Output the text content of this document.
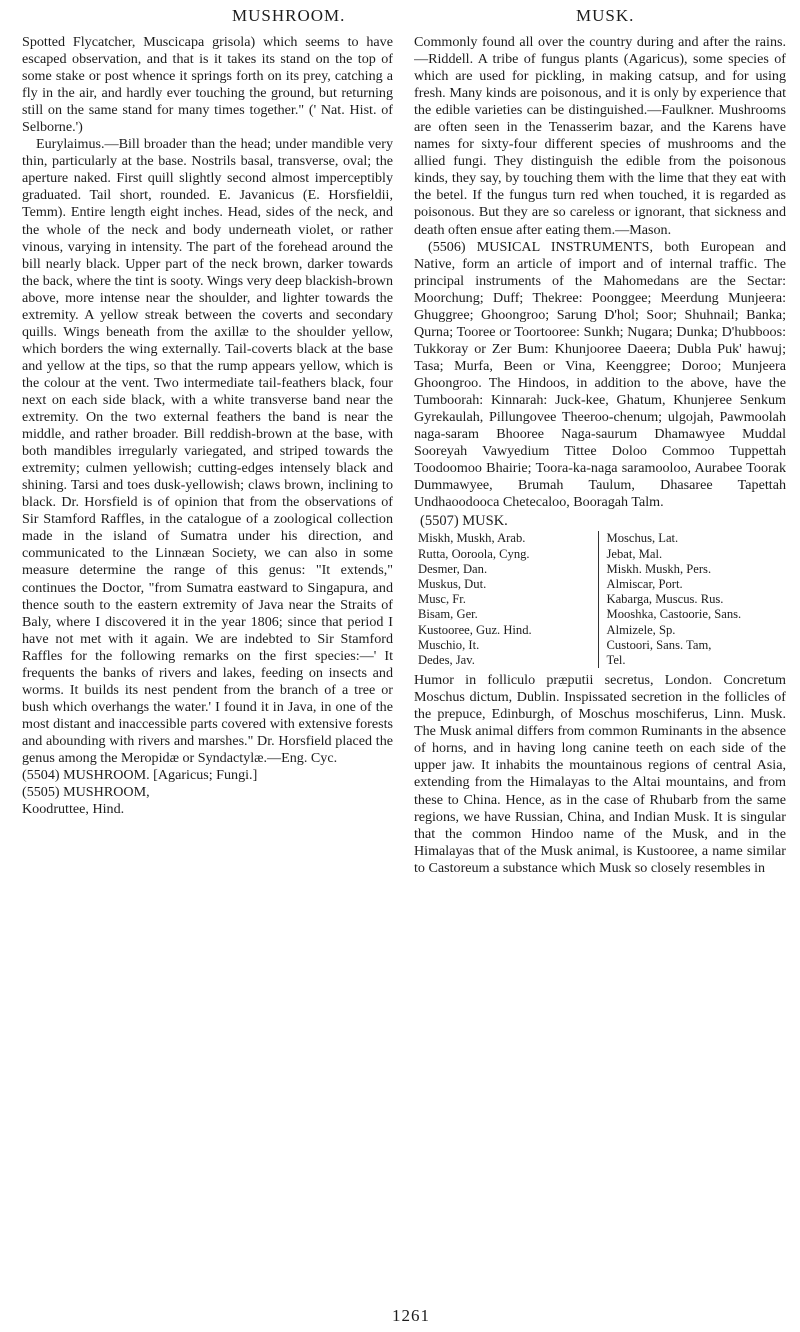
MUSHROOM.	MUSK.

Spotted Flycatcher, Muscicapa grisola) which seems to have escaped observation, and that is it takes its stand on the top of some stake or post whence it springs forth on its prey, catching a fly in the air, and hardly ever touching the ground, but returning still on the same stand for many times together." (' Nat. Hist. of Selborne.')

Eurylaimus.—Bill broader than the head; under mandible very thin, particularly at the base. Nostrils basal, transverse, oval; the aperture naked. First quill slightly second almost imperceptibly graduated. Tail short, rounded. E. Javanicus (E. Horsfieldii, Temm). Entire length eight inches. Head, sides of the neck, and the whole of the neck and body underneath violet, or rather vinous, varying in intensity. The part of the forehead around the bill nearly black. Upper part of the neck brown, darker towards the back, where the tint is sooty. Wings very deep blackish-brown above, more intense near the shoulder, and lighter towards the extremity. A yellow streak between the coverts and secondary quills. Wings beneath from the axillæ to the shoulder yellow, which borders the wing externally. Tail-coverts black at the base and yellow at the tips, so that the rump appears yellow, which is the colour at the vent. Two intermediate tail-feathers black, four next on each side black, with a white transverse band near the extremity. On the two external feathers the band is near the middle, and rather broader. Bill reddish-brown at the base, with both mandibles irregularly variegated, and striped towards the extremity; culmen yellowish; cutting-edges intensely black and shining. Tarsi and toes dusk-yellowish; claws brown, inclining to black. Dr. Horsfield is of opinion that from the observations of Sir Stamford Raffles, in the catalogue of a zoological collection made in the island of Sumatra under his direction, and communicated to the Linnæan Society, we can also in some measure determine the range of this genus: "It extends," continues the Doctor, "from Sumatra eastward to Singapura, and thence south to the eastern extremity of Java near the Straits of Baly, where I discovered it in the year 1806; since that period I have not met with it again. We are indebted to Sir Stamford Raffles for the following remarks on the first species:—' It frequents the banks of rivers and lakes, feeding on insects and worms. It builds its nest pendent from the branch of a tree or bush which overhangs the water.' I found it in Java, in one of the most distant and inaccessible parts covered with extensive forests and abounding with rivers and marshes." Dr. Horsfield placed the genus among the Meropidæ or Syndactylæ.—Eng. Cyc.

(5504) MUSHROOM. [Agaricus; Fungi.]

(5505) MUSHROOM,

Koodruttee, Hind.

Commonly found all over the country during and after the rains.—Riddell. A tribe of fungus plants (Agaricus), some species of which are used for pickling, in making catsup, and for using fresh. Many kinds are poisonous, and it is only by experience that the edible varieties can be distinguished.—Faulkner. Mushrooms are often seen in the Tenasserim bazar, and the Karens have names for sixty-four different species of mushrooms and the allied fungi. They distinguish the edible from the poisonous kinds, they say, by touching them with the lime that they eat with the betel. If the fungus turn red when touched, it is regarded as poisonous. But they are so careless or ignorant, that sickness and death often ensue after eating them.—Mason.

(5506) MUSICAL INSTRUMENTS, both European and Native, form an article of import and of internal traffic. The principal instruments of the Mahomedans are the Sectar: Moorchung; Duff; Thekree: Poonggee; Meerdung Munjeera: Ghuggree; Ghoongroo; Sarung D'hol; Soor; Shuhnail; Banka; Qurna; Tooree or Toortooree: Sunkh; Nugara; Dunka; D'hubboos: Tukkoray or Zer Bum: Khunjooree Daeera; Dubla Puk' hawuj; Tasa; Murfa, Been or Vina, Keenggree; Doroo; Munjeera Ghoongroo. The Hindoos, in addition to the above, have the Tumboorah: Kinnarah: Juck-kee, Ghatum, Khunjeree Senkum Gyrekaulah, Pillungovee Theeroo-chenum; ulgojah, Pawmoolah naga-saram Bhooree Naga-saurum Dhamawyee Muddal Sooreyah Vawyedium Tittee Doloo Commoo Tuppettah Toodoomoo Bhairie; Toora-ka-naga saramooloo, Aurabee Toorak Dummawyee, Brumah Taulum, Dhasaree Tapettah Undhaoodooca Chetecaloo, Booragah Talm.

(5507) MUSK.
Miskh, Muskh, Arab.
Rutta, Ooroola, Cyng.
Desmer, Dan.
Muskus, Dut.
Musc, Fr.
Bisam, Ger.
Kustooree, Guz. Hind.
Muschio, It.
Dedes, Jav.
Moschus, Lat.
Jebat, Mal.
Miskh. Muskh, Pers.
Almiscar, Port.
Kabarga, Muscus. Rus.
Mooshka, Castoorie, Sans.
Almizele, Sp.
Custoori, Sans. Tam,
Tel.

Humor in folliculo præputii secretus, London. Concretum Moschus dictum, Dublin. Inspissated secretion in the follicles of the prepuce, Edinburgh, of Moschus moschiferus, Linn. Musk. The Musk animal differs from common Ruminants in the absence of horns, and in having long canine teeth on each side of the upper jaw. It inhabits the mountainous regions of central Asia, extending from the Himalayas to the Altai mountains, and from these to China. Hence, as in the case of Rhubarb from the same regions, we have Russian, China, and Indian Musk. It is singular that the common Hindoo name of the Musk, and in the Himalayas that of the Musk animal, is Kustooree, a name similar to Castoreum a substance which Musk so closely resembles in

1261
